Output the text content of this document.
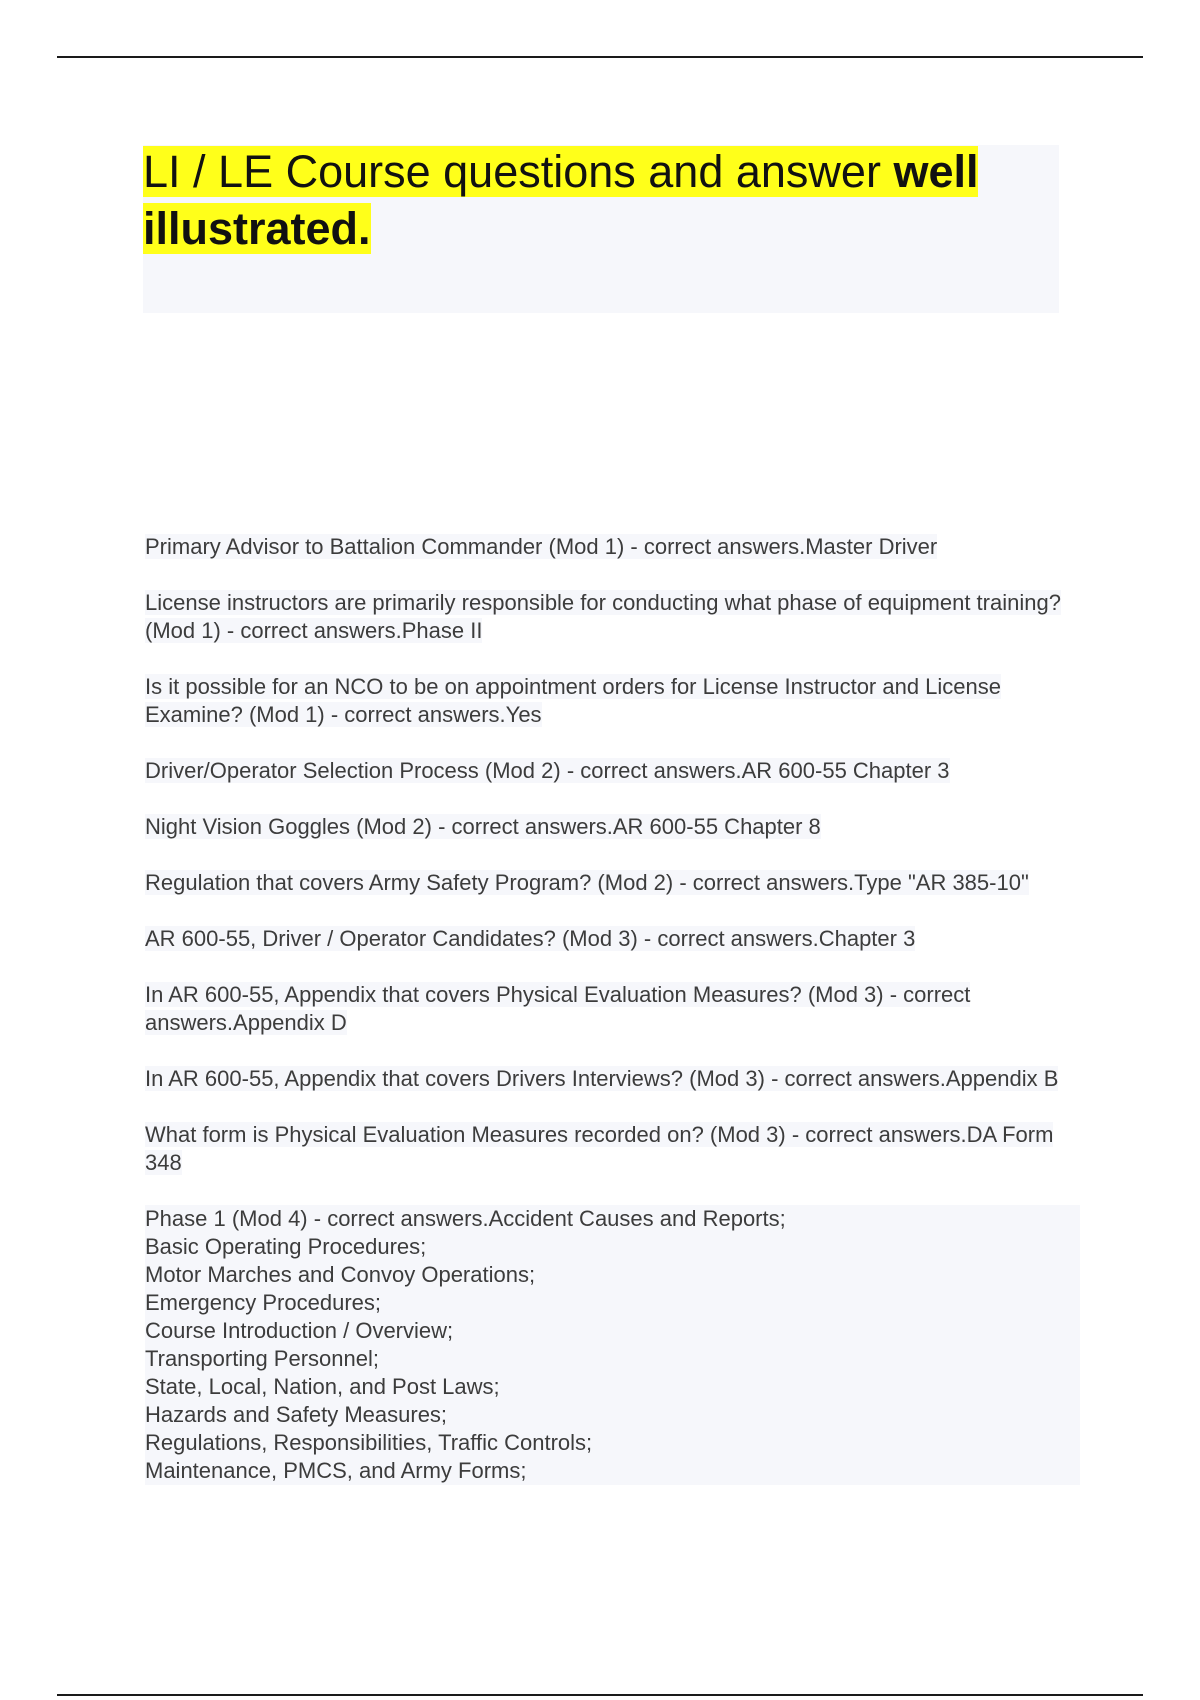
LI / LE Course questions and answer well illustrated.
Primary Advisor to Battalion Commander (Mod 1) - correct answers.Master Driver
License instructors are primarily responsible for conducting what phase of equipment training? (Mod 1) - correct answers.Phase II
Is it possible for an NCO to be on appointment orders for License Instructor and License Examine? (Mod 1) - correct answers.Yes
Driver/Operator Selection Process (Mod 2) - correct answers.AR 600-55 Chapter 3
Night Vision Goggles (Mod 2) - correct answers.AR 600-55 Chapter 8
Regulation that covers Army Safety Program? (Mod 2) - correct answers.Type "AR 385-10"
AR 600-55, Driver / Operator Candidates? (Mod 3) - correct answers.Chapter 3
In AR 600-55, Appendix that covers Physical Evaluation Measures? (Mod 3) - correct answers.Appendix D
In AR 600-55, Appendix that covers Drivers Interviews? (Mod 3) - correct answers.Appendix B
What form is Physical Evaluation Measures recorded on? (Mod 3) - correct answers.DA Form 348
Phase 1 (Mod 4) - correct answers.Accident Causes and Reports;
Basic Operating Procedures;
Motor Marches and Convoy Operations;
Emergency Procedures;
Course Introduction / Overview;
Transporting Personnel;
State, Local, Nation, and Post Laws;
Hazards and Safety Measures;
Regulations, Responsibilities, Traffic Controls;
Maintenance, PMCS, and Army Forms;
